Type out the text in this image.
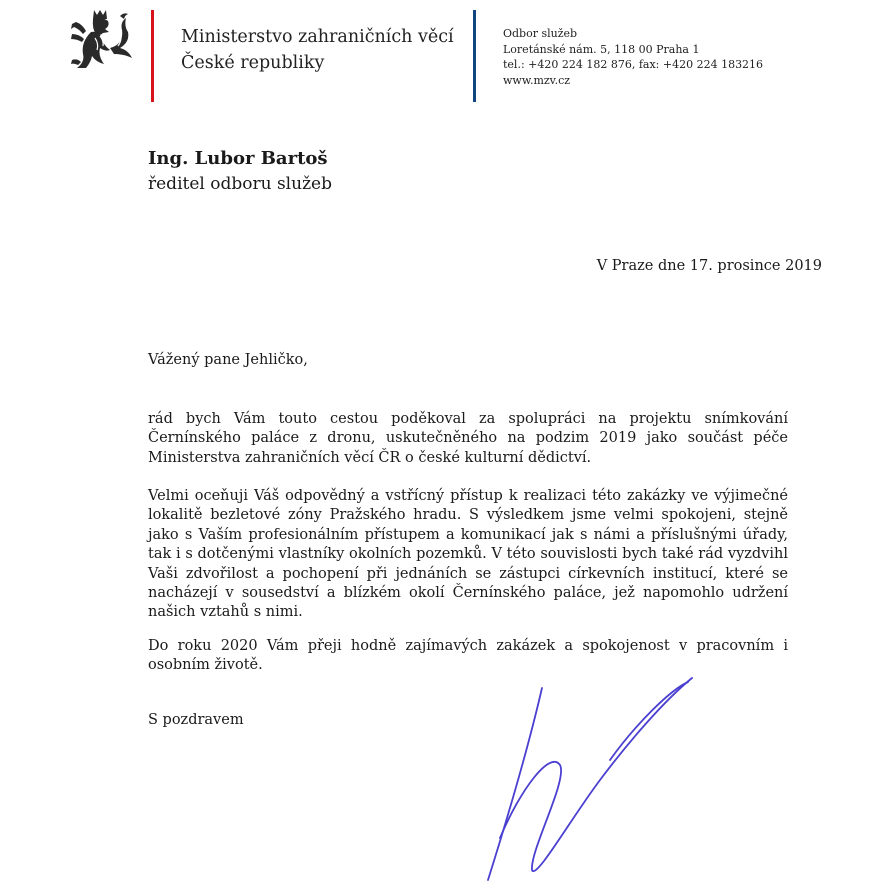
Ministerstvo zahraničních věcí
České republiky
Odbor služeb
Loretánské nám. 5, 118 00 Praha 1
tel.: +420 224 182 876, fax: +420 224 183216
www.mzv.cz
Ing. Lubor Bartoš
ředitel odboru služeb
V Praze dne 17. prosince 2019
Vážený pane Jehličko,
rád bych Vám touto cestou poděkoval za spolupráci na projektu snímkování Černínského paláce z dronu, uskutečněného na podzim 2019 jako součást péče Ministerstva zahraničních věcí ČR o české kulturní dědictví.
Velmi oceňuji Váš odpovědný a vstřícný přístup k realizaci této zakázky ve výjimečné lokalitě bezletové zóny Pražského hradu. S výsledkem jsme velmi spokojeni, stejně jako s Vaším profesionálním přístupem a komunikací jak s námi a příslušnými úřady, tak i s dotčenými vlastníky okolních pozemků. V této souvislosti bych také rád vyzdvihl Vaši zdvořilost a pochopení při jednáních se zástupci církevních institucí, které se nacházejí v sousedství a blízkém okolí Černínského paláce, jež napomohlo udržení našich vztahů s nimi.
Do roku 2020 Vám přeji hodně zajímavých zakázek a spokojenost v pracovním i osobním životě.
S pozdravem
